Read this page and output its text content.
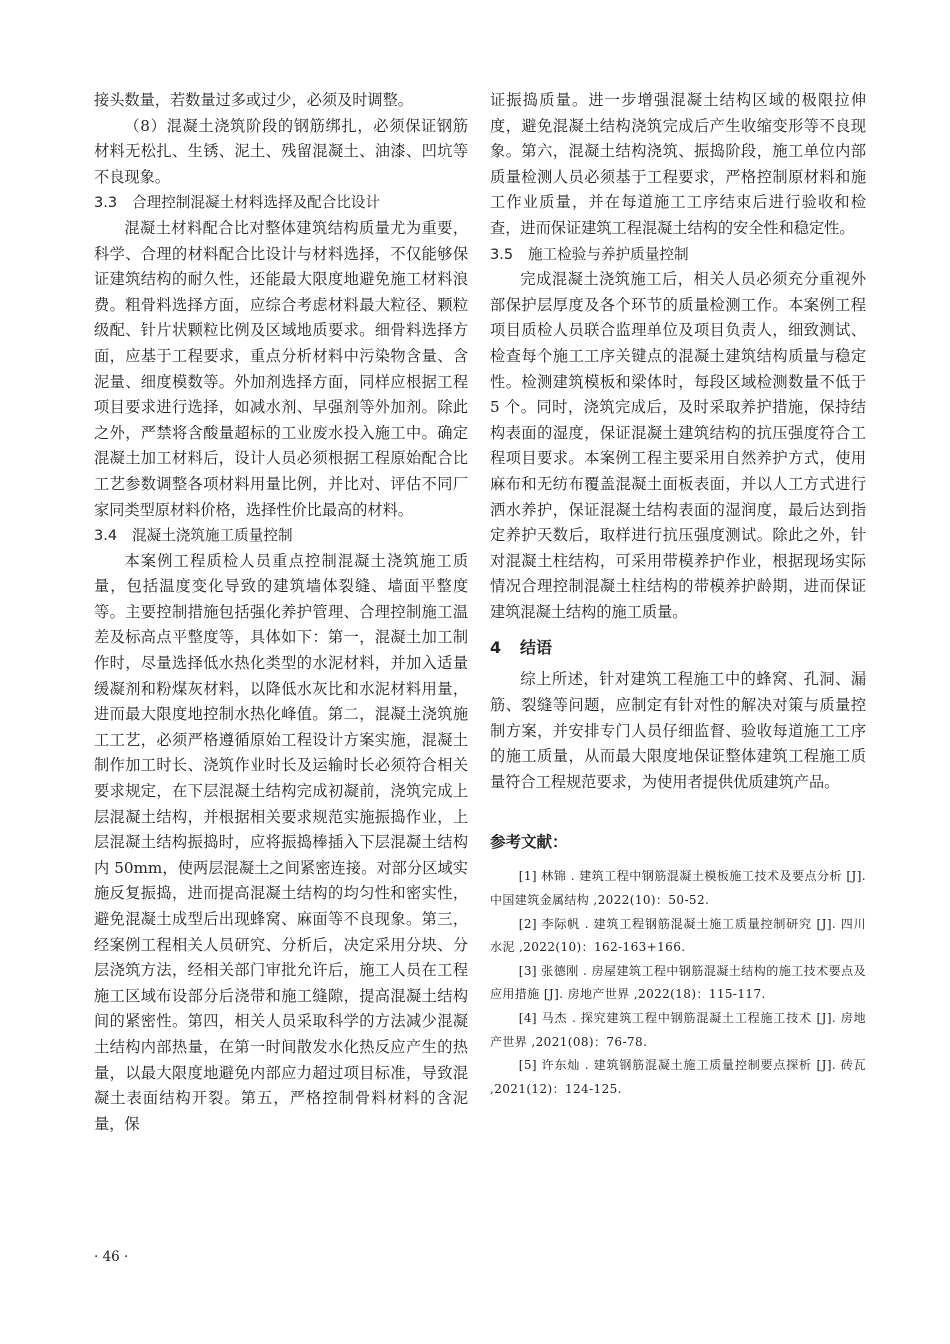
接头数量，若数量过多或过少，必须及时调整。

（8）混凝土浇筑阶段的钢筋绑扎，必须保证钢筋材料无松扎、生锈、泥土、残留混凝土、油漆、凹坑等不良现象。

3.3 合理控制混凝土材料选择及配合比设计

混凝土材料配合比对整体建筑结构质量尤为重要，科学、合理的材料配合比设计与材料选择，不仅能够保证建筑结构的耐久性，还能最大限度地避免施工材料浪费。粗骨料选择方面，应综合考虑材料最大粒径、颗粒级配、针片状颗粒比例及区域地质要求。细骨料选择方面，应基于工程要求，重点分析材料中污染物含量、含泥量、细度模数等。外加剂选择方面，同样应根据工程项目要求进行选择，如减水剂、早强剂等外加剂。除此之外，严禁将含酸量超标的工业废水投入施工中。确定混凝土加工材料后，设计人员必须根据工程原始配合比工艺参数调整各项材料用量比例，并比对、评估不同厂家同类型原材料价格，选择性价比最高的材料。

3.4 混凝土浇筑施工质量控制

本案例工程质检人员重点控制混凝土浇筑施工质量，包括温度变化导致的建筑墙体裂缝、墙面平整度等。主要控制措施包括强化养护管理、合理控制施工温差及标高点平整度等，具体如下：第一，混凝土加工制作时，尽量选择低水热化类型的水泥材料，并加入适量缓凝剂和粉煤灰材料，以降低水灰比和水泥材料用量，进而最大限度地控制水热化峰值。第二，混凝土浇筑施工工艺，必须严格遵循原始工程设计方案实施，混凝土制作加工时长、浇筑作业时长及运输时长必须符合相关要求规定，在下层混凝土结构完成初凝前，浇筑完成上层混凝土结构，并根据相关要求规范实施振捣作业，上层混凝土结构振捣时，应将振捣棒插入下层混凝土结构内 50mm，使两层混凝土之间紧密连接。对部分区域实施反复振捣，进而提高混凝土结构的均匀性和密实性，避免混凝土成型后出现蜂窝、麻面等不良现象。第三，经案例工程相关人员研究、分析后，决定采用分块、分层浇筑方法，经相关部门审批允许后，施工人员在工程施工区域布设部分后浇带和施工缝隙，提高混凝土结构间的紧密性。第四，相关人员采取科学的方法减少混凝土结构内部热量，在第一时间散发水化热反应产生的热量，以最大限度地避免内部应力超过项目标准，导致混凝土表面结构开裂。第五，严格控制骨料材料的含泥量，保

证振捣质量。进一步增强混凝土结构区域的极限拉伸度，避免混凝土结构浇筑完成后产生收缩变形等不良现象。第六，混凝土结构浇筑、振捣阶段，施工单位内部质量检测人员必须基于工程要求，严格控制原材料和施工作业质量，并在每道施工工序结束后进行验收和检查，进而保证建筑工程混凝土结构的安全性和稳定性。

3.5 施工检验与养护质量控制

完成混凝土浇筑施工后，相关人员必须充分重视外部保护层厚度及各个环节的质量检测工作。本案例工程项目质检人员联合监理单位及项目负责人，细致测试、检查每个施工工序关键点的混凝土建筑结构质量与稳定性。检测建筑模板和梁体时，每段区域检测数量不低于 5 个。同时，浇筑完成后，及时采取养护措施，保持结构表面的湿度，保证混凝土建筑结构的抗压强度符合工程项目要求。本案例工程主要采用自然养护方式，使用麻布和无纺布覆盖混凝土面板表面，并以人工方式进行洒水养护，保证混凝土结构表面的湿润度，最后达到指定养护天数后，取样进行抗压强度测试。除此之外，针对混凝土柱结构，可采用带模养护作业，根据现场实际情况合理控制混凝土柱结构的带模养护龄期，进而保证建筑混凝土结构的施工质量。

4 结语

综上所述，针对建筑工程施工中的蜂窝、孔洞、漏筋、裂缝等问题，应制定有针对性的解决对策与质量控制方案，并安排专门人员仔细监督、验收每道施工工序的施工质量，从而最大限度地保证整体建筑工程施工质量符合工程规范要求，为使用者提供优质建筑产品。

参考文献：

[1] 林锦 . 建筑工程中钢筋混凝土模板施工技术及要点分析 [J]. 中国建筑金属结构 ,2022(10)：50-52.

[2] 李际帆 . 建筑工程钢筋混凝土施工质量控制研究 [J]. 四川水泥 ,2022(10)：162-163+166.

[3] 张德刚 . 房屋建筑工程中钢筋混凝土结构的施工技术要点及应用措施 [J]. 房地产世界 ,2022(18)：115-117.

[4] 马杰 . 探究建筑工程中钢筋混凝土工程施工技术 [J]. 房地产世界 ,2021(08)：76-78.

[5] 许东灿 . 建筑钢筋混凝土施工质量控制要点探析 [J]. 砖瓦 ,2021(12)：124-125.

· 46 ·
